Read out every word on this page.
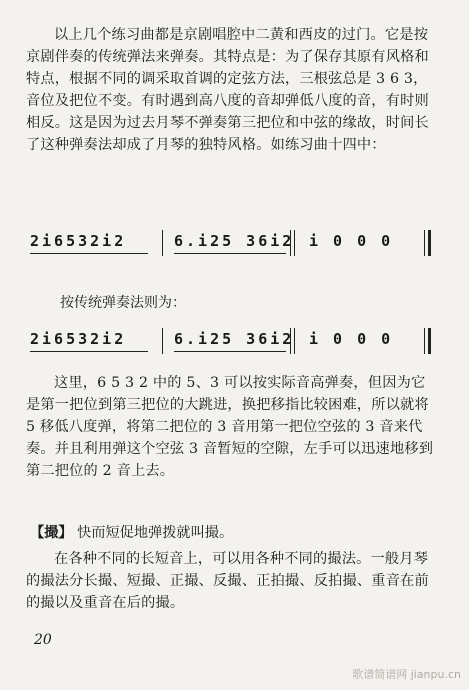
以上几个练习曲都是京剧唱腔中二黄和西皮的过门。它是按
京剧伴奏的传统弹法来弹奏。其特点是：为了保存其原有风格和
特点，根据不同的调采取首调的定弦方法，三根弦总是 3 6 3，
音位及把位不变。有时遇到高八度的音却弹低八度的音，有时则
相反。这是因为过去月琴不弹奏第三把位和中弦的缘故，时间长
了这种弹奏法却成了月琴的独特风格。如练习曲十四中：
2i6532i2	6.i25 36i2 i 0 0 0
按传统弹奏法则为：
2i6532i2	6.i25 36i2 i 0 0 0
这里，6 5 3 2 中的 5、3 可以按实际音高弹奏，但因为它
是第一把位到第三把位的大跳进，换把移指比较困难，所以就将
5 移低八度弹，将第二把位的 3 音用第一把位空弦的 3 音来代
奏。并且利用弹这个空弦 3 音暂短的空隙，左手可以迅速地移到
第二把位的 2 音上去。
【撮】 快而短促地弹拨就叫撮。
在各种不同的长短音上，可以用各种不同的撮法。一般月琴
的撮法分长撮、短撮、正撮、反撮、正拍撮、反拍撮、重音在前
的撮以及重音在后的撮。
20
歌谱简谱网 jianpu.cn
